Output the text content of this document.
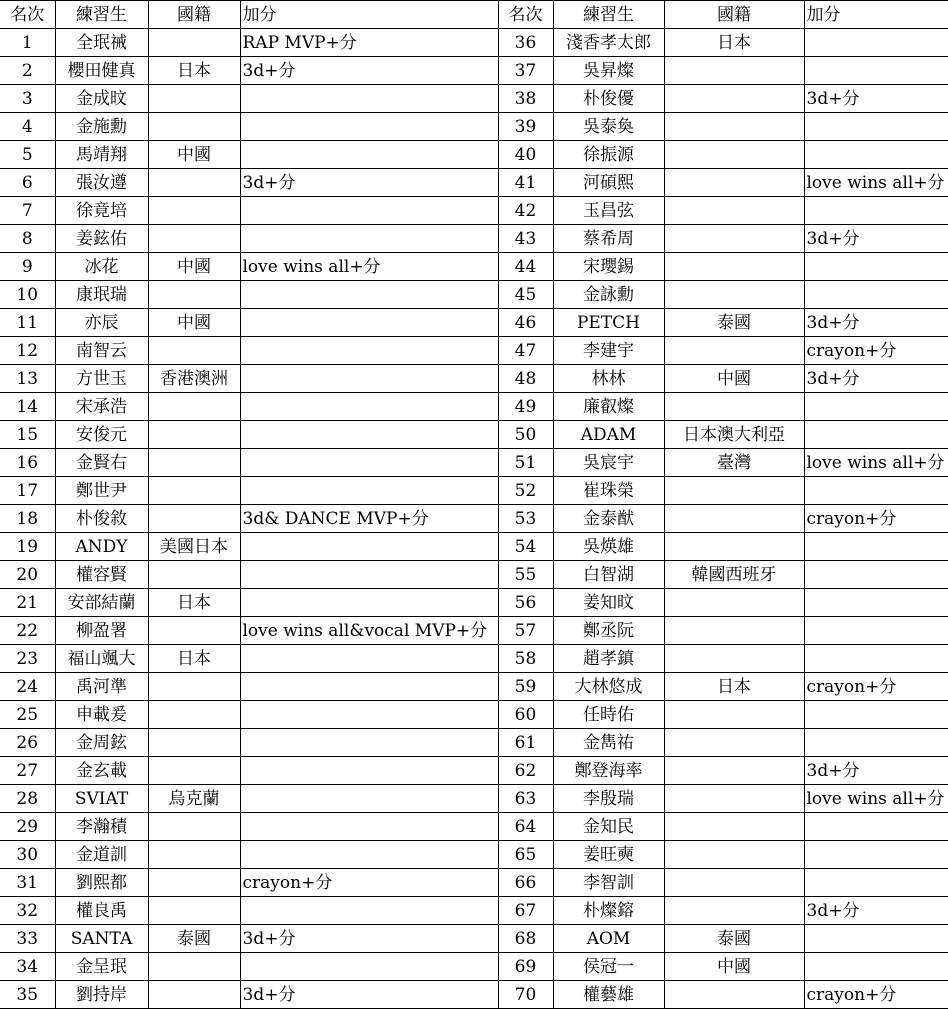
名次	練習生	國籍	加分	名次	練習生	國籍	加分
1	全珉祴		RAP MVP+分	36	淺香孝太郎	日本	
2	櫻田健真	日本	3d+分	37	吳昇燦		
3	金成旼			38	朴俊優		3d+分
4	金施勳			39	吳泰奐		
5	馬靖翔	中國		40	徐振源		
6	張汝遵		3d+分	41	河碩熙		love wins all+分
7	徐竟培			42	玉昌弦		
8	姜鉉佑			43	蔡希周		3d+分
9	冰花	中國	love wins all+分	44	宋瓔錫		
10	康珉瑞			45	金詠勳		
11	亦辰	中國		46	PETCH	泰國	3d+分
12	南智云			47	李建宇		crayon+分
13	方世玉	香港澳洲		48	林林	中國	3d+分
14	宋承浩			49	廉叡燦		
15	安俊元			50	ADAM	日本澳大利亞	
16	金賢右			51	吳宸宇	臺灣	love wins all+分
17	鄭世尹			52	崔珠榮		
18	朴俊敘		3d& DANCE MVP+分	53	金泰猷		crayon+分
19	ANDY	美國日本		54	吳煐雄		
20	權容賢			55	白智湖	韓國西班牙	
21	安部結蘭	日本		56	姜知旼		
22	柳盈署		love wins all&vocal MVP+分	57	鄭丞阮		
23	福山颯大	日本		58	趙孝鎮		
24	禹河準			59	大林悠成	日本	crayon+分
25	申載爰			60	任時佑		
26	金周鉉			61	金雋祐		
27	金玄載			62	鄭登海率		3d+分
28	SVIAT	烏克蘭		63	李殷瑞		love wins all+分
29	李瀚積			64	金知民		
30	金道訓			65	姜旺奭		
31	劉熙都		crayon+分	66	李智訓		
32	權良禹			67	朴燦鎔		3d+分
33	SANTA	泰國	3d+分	68	AOM	泰國	
34	金呈珉			69	侯冠一	中國	
35	劉持岸		3d+分	70	權藝雄		crayon+分
